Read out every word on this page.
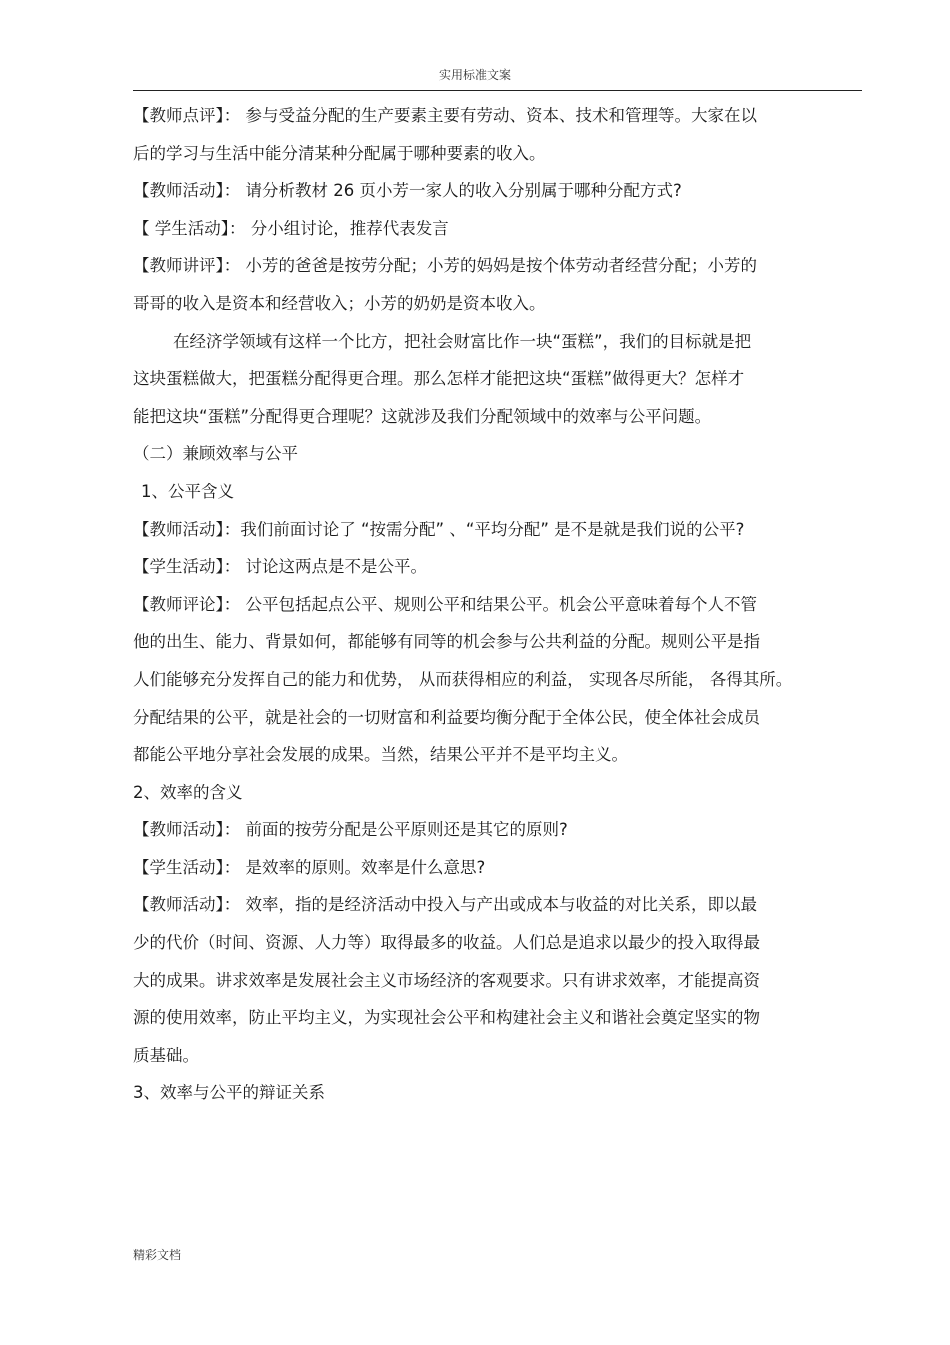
实用标准文案
【教师点评】： 参与受益分配的生产要素主要有劳动、资本、技术和管理等。大家在以
后的学习与生活中能分清某种分配属于哪种要素的收入。
【教师活动】： 请分析教材 26 页小芳一家人的收入分别属于哪种分配方式?
【 学生活动】： 分小组讨论，推荐代表发言
【教师讲评】： 小芳的爸爸是按劳分配；小芳的妈妈是按个体劳动者经营分配；小芳的
哥哥的收入是资本和经营收入；小芳的奶奶是资本收入。
在经济学领域有这样一个比方，把社会财富比作一块“蛋糕”，我们的目标就是把
这块蛋糕做大，把蛋糕分配得更合理。那么怎样才能把这块“蛋糕”做得更大？怎样才
能把这块“蛋糕”分配得更合理呢？这就涉及我们分配领域中的效率与公平问题。
（二）兼顾效率与公平
1、公平含义
【教师活动】：我们前面讨论了 “按需分配” 、“平均分配” 是不是就是我们说的公平?
【学生活动】： 讨论这两点是不是公平。
【教师评论】： 公平包括起点公平、规则公平和结果公平。机会公平意味着每个人不管
他的出生、能力、背景如何，都能够有同等的机会参与公共利益的分配。规则公平是指
人们能够充分发挥自己的能力和优势， 从而获得相应的利益， 实现各尽所能， 各得其所。
分配结果的公平，就是社会的一切财富和利益要均衡分配于全体公民，使全体社会成员
都能公平地分享社会发展的成果。当然，结果公平并不是平均主义。
2、效率的含义
【教师活动】： 前面的按劳分配是公平原则还是其它的原则?
【学生活动】： 是效率的原则。效率是什么意思?
【教师活动】： 效率，指的是经济活动中投入与产出或成本与收益的对比关系，即以最
少的代价（时间、资源、人力等）取得最多的收益。人们总是追求以最少的投入取得最
大的成果。讲求效率是发展社会主义市场经济的客观要求。只有讲求效率，才能提高资
源的使用效率，防止平均主义，为实现社会公平和构建社会主义和谐社会奠定坚实的物
质基础。
3、效率与公平的辩证关系
精彩文档
